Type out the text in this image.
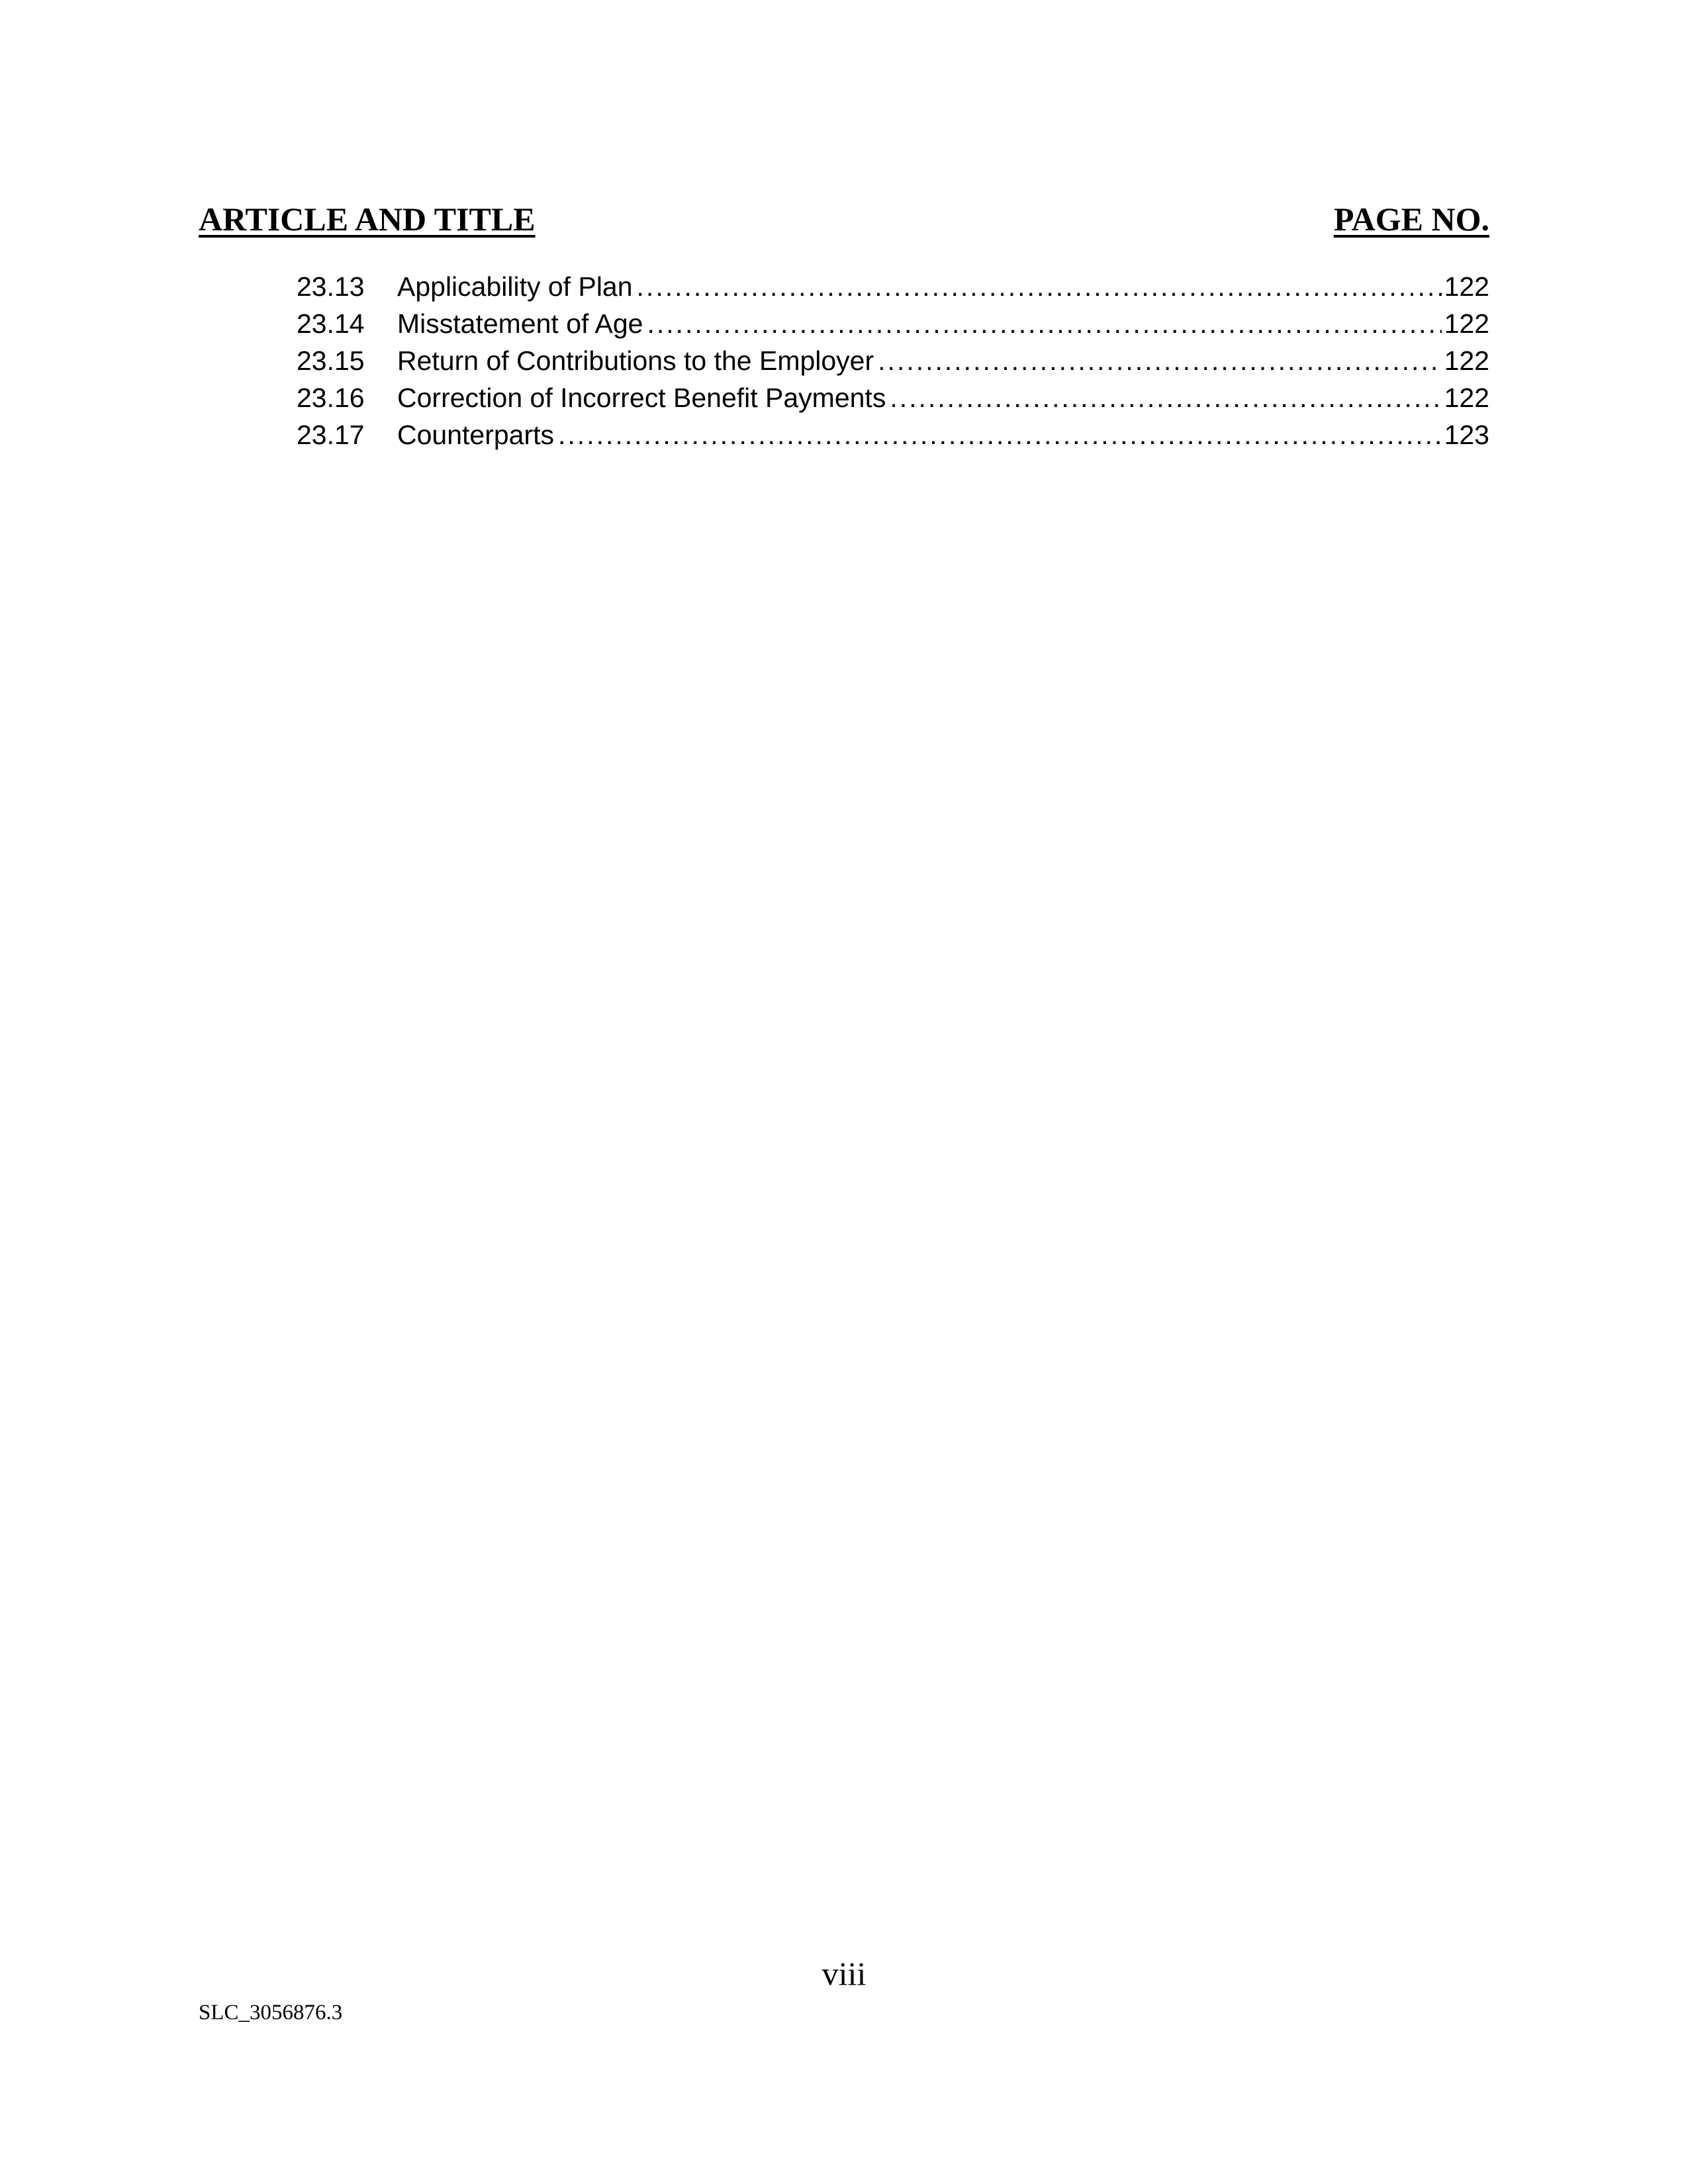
ARTICLE AND TITLE	PAGE NO.
23.13	Applicability of Plan .....	122
23.14	Misstatement of Age .....	122
23.15	Return of Contributions to the Employer .....	122
23.16	Correction of Incorrect Benefit Payments .....	122
23.17	Counterparts .....	123
viii
SLC_3056876.3
